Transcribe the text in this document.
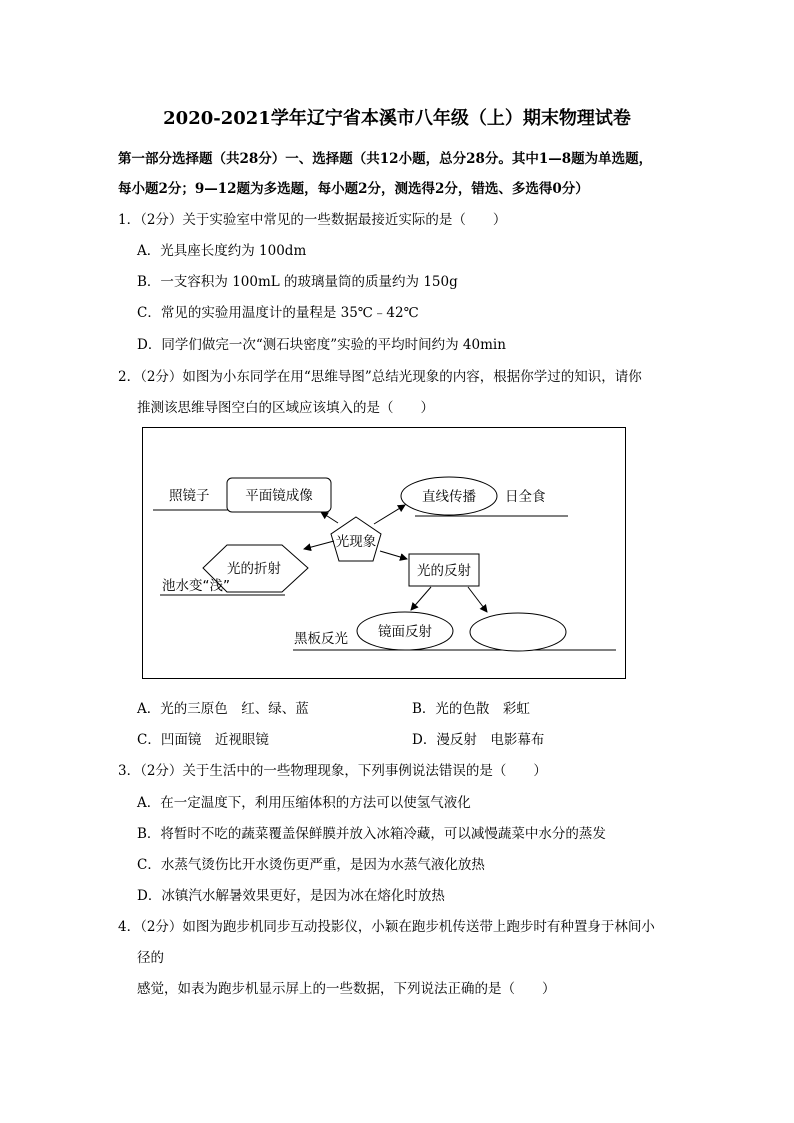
2020-2021学年辽宁省本溪市八年级（上）期末物理试卷
第一部分选择题（共28分）一、选择题（共12小题，总分28分。其中1—8题为单选题，
每小题2分；9—12题为多选题，每小题2分，测选得2分，错选、多选得0分）
1．（2分）关于实验室中常见的一些数据最接近实际的是（　　）
A．光具座长度约为 100dm
B．一支容积为 100mL 的玻璃量筒的质量约为 150g
C．常见的实验用温度计的量程是 35℃﹣42℃
D．同学们做完一次“测石块密度”实验的平均时间约为 40min
2．（2分）如图为小东同学在用“思维导图”总结光现象的内容，根据你学过的知识，请你
推测该思维导图空白的区域应该填入的是（　　）
平面镜成像
照镜子	直线传播 日全食
光现象
光的折射
池水变“浅”
光的反射
镜面反射
黑板反光
A．光的三原色　红、绿、蓝	B．光的色散　彩虹
C．凹面镜　近视眼镜	D．漫反射　电影幕布
3．（2分）关于生活中的一些物理现象，下列事例说法错误的是（　　）
A．在一定温度下，利用压缩体积的方法可以使氢气液化
B．将暂时不吃的蔬菜覆盖保鲜膜并放入冰箱冷藏，可以减慢蔬菜中水分的蒸发
C．水蒸气烫伤比开水烫伤更严重，是因为水蒸气液化放热
D．冰镇汽水解暑效果更好，是因为冰在熔化时放热
4．（2分）如图为跑步机同步互动投影仪，小颖在跑步机传送带上跑步时有种置身于林间小
径的
感觉，如表为跑步机显示屏上的一些数据，下列说法正确的是（　　）
